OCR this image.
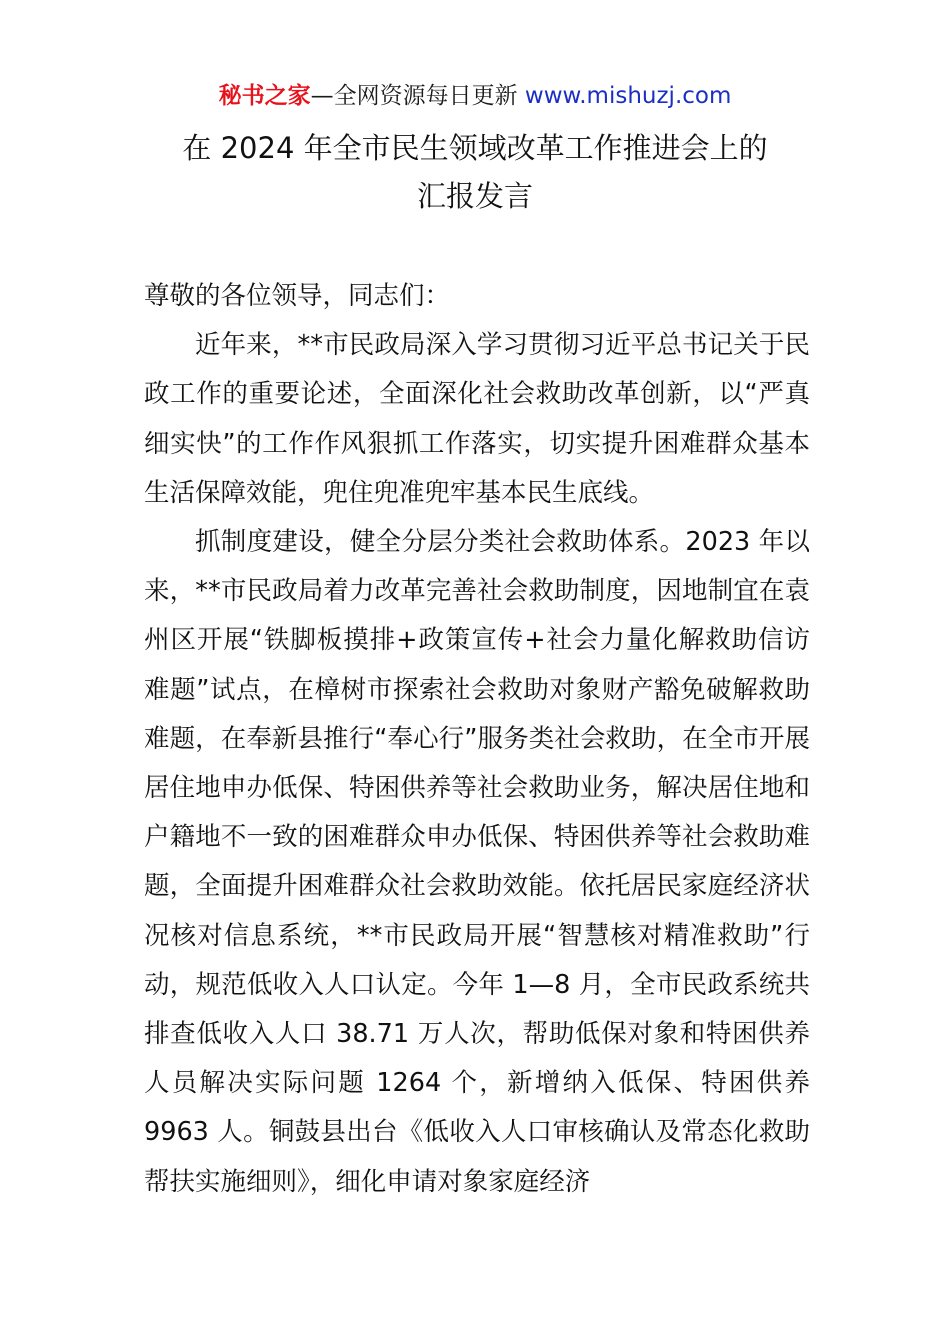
秘书之家—全网资源每日更新 www.mishuzj.com
在 2024 年全市民生领域改革工作推进会上的
汇报发言

尊敬的各位领导，同志们：

近年来，**市民政局深入学习贯彻习近平总书记关于民政工作的重要论述，全面深化社会救助改革创新，以“严真细实快”的工作作风狠抓工作落实，切实提升困难群众基本生活保障效能，兜住兜准兜牢基本民生底线。

抓制度建设，健全分层分类社会救助体系。2023 年以来，**市民政局着力改革完善社会救助制度，因地制宜在袁州区开展“铁脚板摸排+政策宣传+社会力量化解救助信访难题”试点，在樟树市探索社会救助对象财产豁免破解救助难题，在奉新县推行“奉心行”服务类社会救助，在全市开展居住地申办低保、特困供养等社会救助业务，解决居住地和户籍地不一致的困难群众申办低保、特困供养等社会救助难题，全面提升困难群众社会救助效能。依托居民家庭经济状况核对信息系统，**市民政局开展“智慧核对精准救助”行动，规范低收入人口认定。今年 1—8 月，全市民政系统共排查低收入人口 38.71 万人次，帮助低保对象和特困供养人员解决实际问题 1264 个，新增纳入低保、特困供养 9963 人。铜鼓县出台《低收入人口审核确认及常态化救助帮扶实施细则》，细化申请对象家庭经济
